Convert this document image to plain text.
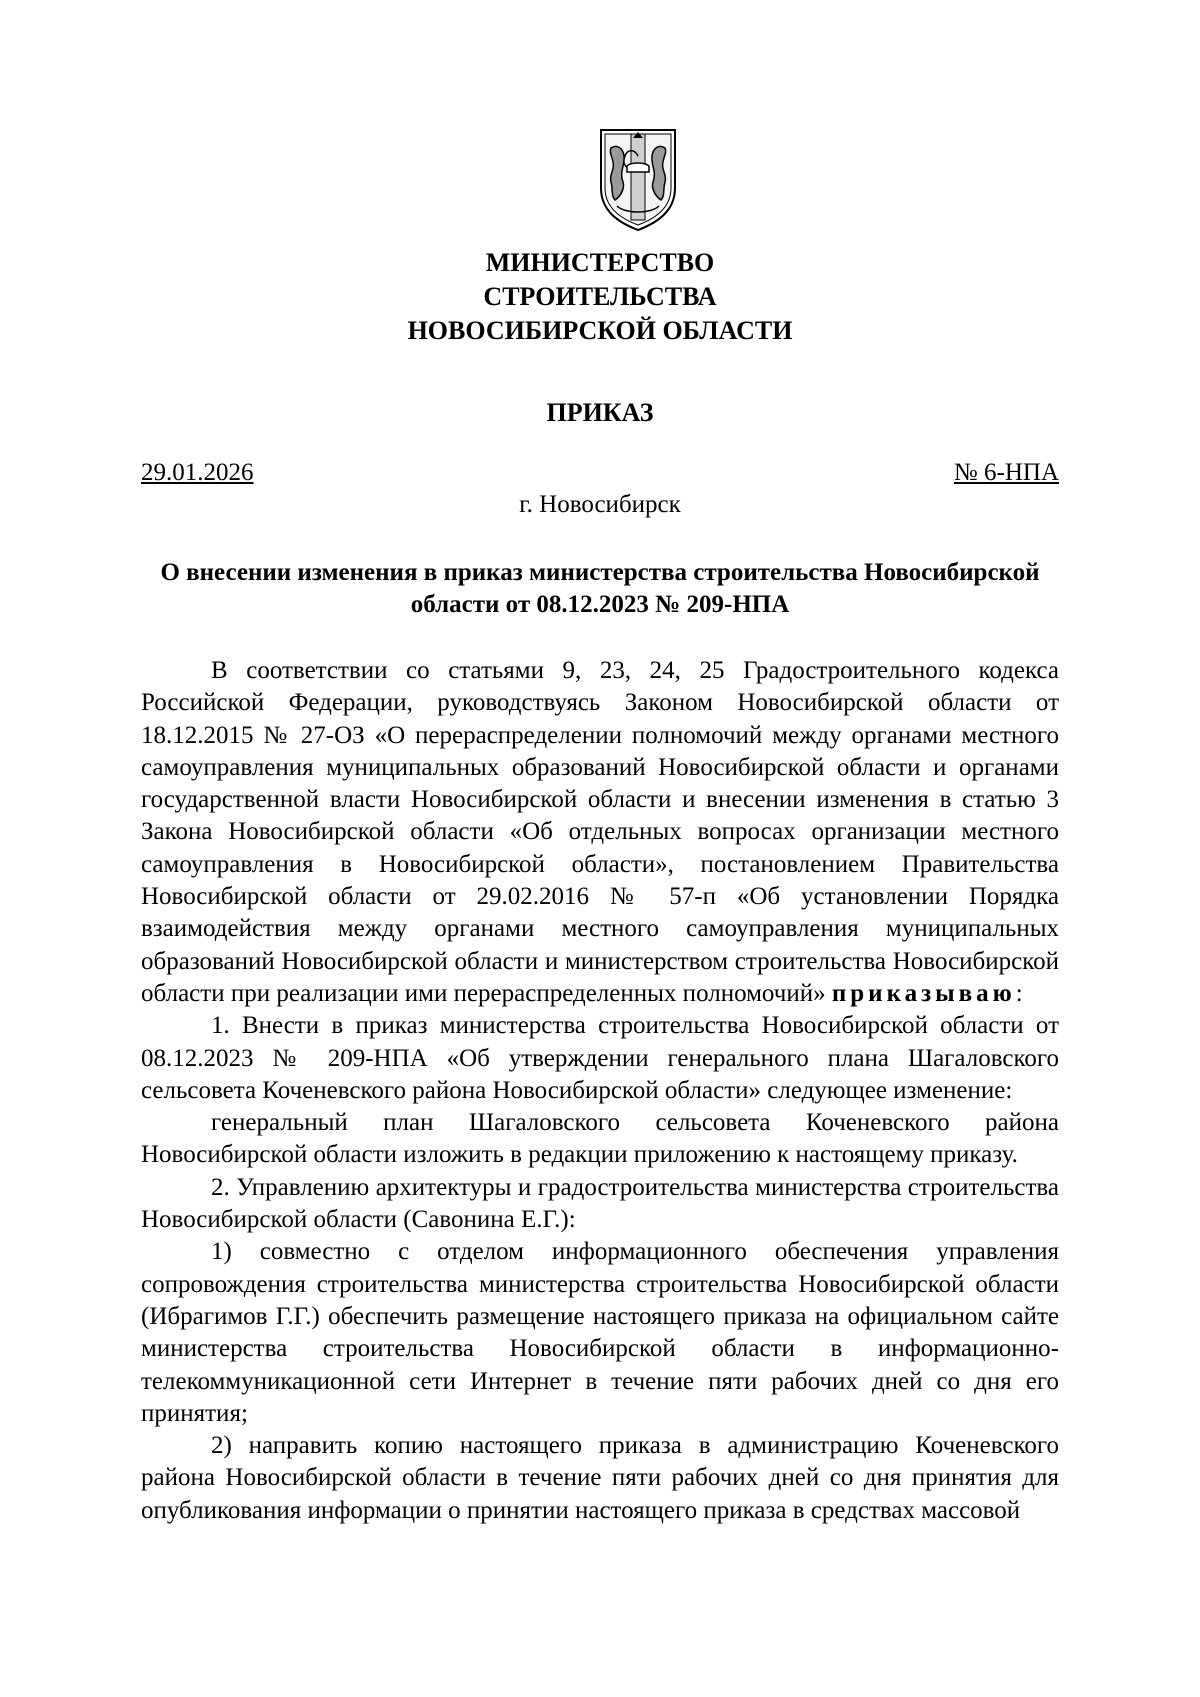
МИНИСТЕРСТВО
СТРОИТЕЛЬСТВА
НОВОСИБИРСКОЙ ОБЛАСТИ
ПРИКАЗ
29.01.2026	№ 6-НПА
г. Новосибирск
О внесении изменения в приказ министерства строительства Новосибирской области от 08.12.2023 № 209-НПА

В соответствии со статьями 9, 23, 24, 25 Градостроительного кодекса Российской Федерации, руководствуясь Законом Новосибирской области от 18.12.2015 № 27-ОЗ «О перераспределении полномочий между органами местного самоуправления муниципальных образований Новосибирской области и органами государственной власти Новосибирской области и внесении изменения в статью 3 Закона Новосибирской области «Об отдельных вопросах организации местного самоуправления в Новосибирской области», постановлением Правительства Новосибирской области от 29.02.2016 № 57-п «Об установлении Порядка взаимодействия между органами местного самоуправления муниципальных образований Новосибирской области и министерством строительства Новосибирской области при реализации ими перераспределенных полномочий» приказываю:

1. Внести в приказ министерства строительства Новосибирской области от 08.12.2023 № 209-НПА «Об утверждении генерального плана Шагаловского сельсовета Коченевского района Новосибирской области» следующее изменение:

генеральный план Шагаловского сельсовета Коченевского района Новосибирской области изложить в редакции приложению к настоящему приказу.

2. Управлению архитектуры и градостроительства министерства строительства Новосибирской области (Савонина Е.Г.):

1) совместно с отделом информационного обеспечения управления сопровождения строительства министерства строительства Новосибирской области (Ибрагимов Г.Г.) обеспечить размещение настоящего приказа на официальном сайте министерства строительства Новосибирской области в информационно-телекоммуникационной сети Интернет в течение пяти рабочих дней со дня его принятия;

2) направить копию настоящего приказа в администрацию Коченевского района Новосибирской области в течение пяти рабочих дней со дня принятия для опубликования информации о принятии настоящего приказа в средствах массовой
